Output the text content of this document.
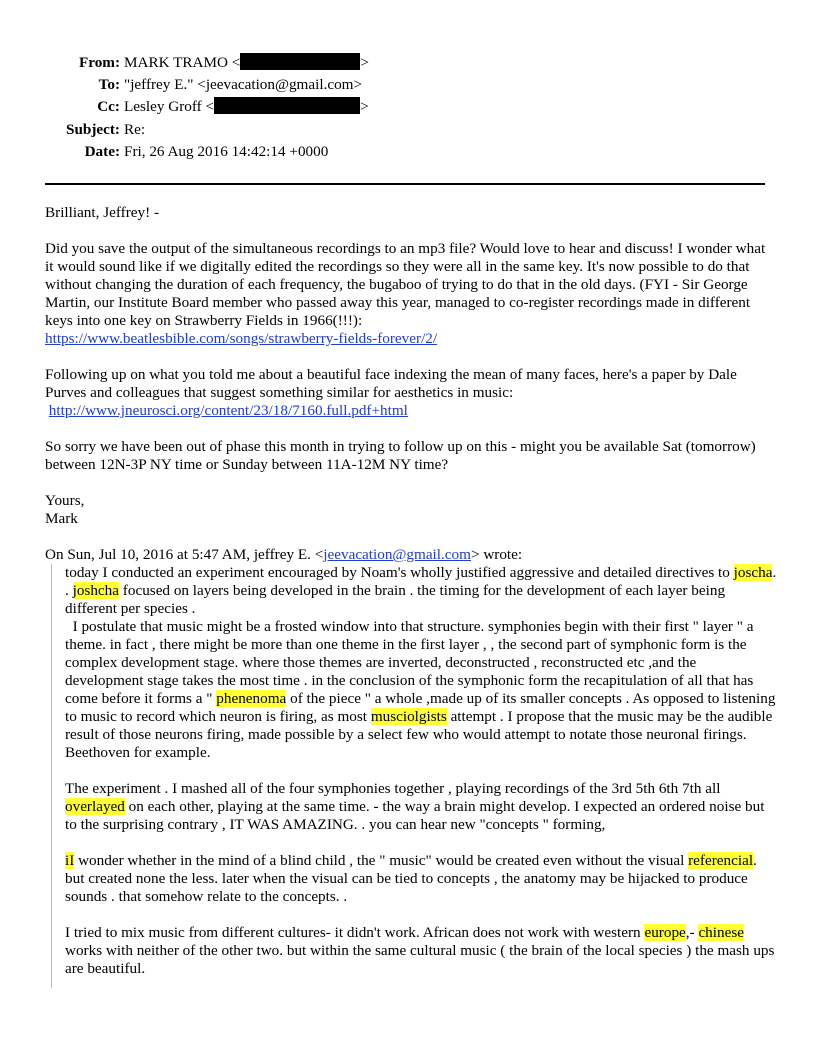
From: MARK TRAMO <	>
To: "jeffrey E." <jeevacation@gmail.com>
Cc: Lesley Groff <	>
Subject: Re:
Date: Fri, 26 Aug 2016 14:42:14 +0000

Brilliant, Jeffrey! -

Did you save the output of the simultaneous recordings to an mp3 file? Would love to hear and discuss! I wonder what it would sound like if we digitally edited the recordings so they were all in the same key. It's now possible to do that without changing the duration of each frequency, the bugaboo of trying to do that in the old days. (FYI - Sir George Martin, our Institute Board member who passed away this year, managed to co-register recordings made in different keys into one key on Strawberry Fields in 1966(!!!):
https://www.beatlesbible.com/songs/strawberry-fields-forever/2/

Following up on what you told me about a beautiful face indexing the mean of many faces, here's a paper by Dale Purves and colleagues that suggest something similar for aesthetics in music:
http://www.jneurosci.org/content/23/18/7160.full.pdf+html

So sorry we have been out of phase this month in trying to follow up on this - might you be available Sat (tomorrow) between 12N-3P NY time or Sunday between 11A-12M NY time?

Yours,
Mark

On Sun, Jul 10, 2016 at 5:47 AM, jeffrey E. <jeevacation@gmail.com> wrote:

today I conducted an experiment encouraged by Noam's wholly justified aggressive and detailed directives to joscha. . joshcha focused on layers being developed in the brain . the timing for the development of each layer being different per species .
I postulate that music might be a frosted window into that structure. symphonies begin with their first " layer " a theme. in fact , there might be more than one theme in the first layer , , the second part of symphonic form is the complex development stage. where those themes are inverted, deconstructed , reconstructed etc ,and the development stage takes the most time . in the conclusion of the symphonic form the recapitulation of all that has come before it forms a " phenenoma of the piece " a whole ,made up of its smaller concepts . As opposed to listening to music to record which neuron is firing, as most musciolgists attempt . I propose that the music may be the audible result of those neurons firing, made possible by a select few who would attempt to notate those neuronal firings. Beethoven for example.

The experiment . I mashed all of the four symphonies together , playing recordings of the 3rd 5th 6th 7th all overlayed on each other, playing at the same time. - the way a brain might develop. I expected an ordered noise but to the surprising contrary , IT WAS AMAZING. . you can hear new "concepts " forming,

iI wonder whether in the mind of a blind child , the " music" would be created even without the visual referencial. but created none the less. later when the visual can be tied to concepts , the anatomy may be hijacked to produce sounds . that somehow relate to the concepts. .

I tried to mix music from different cultures- it didn't work. African does not work with western europe,- chinese works with neither of the other two. but within the same cultural music ( the brain of the local species ) the mash ups are beautiful.
